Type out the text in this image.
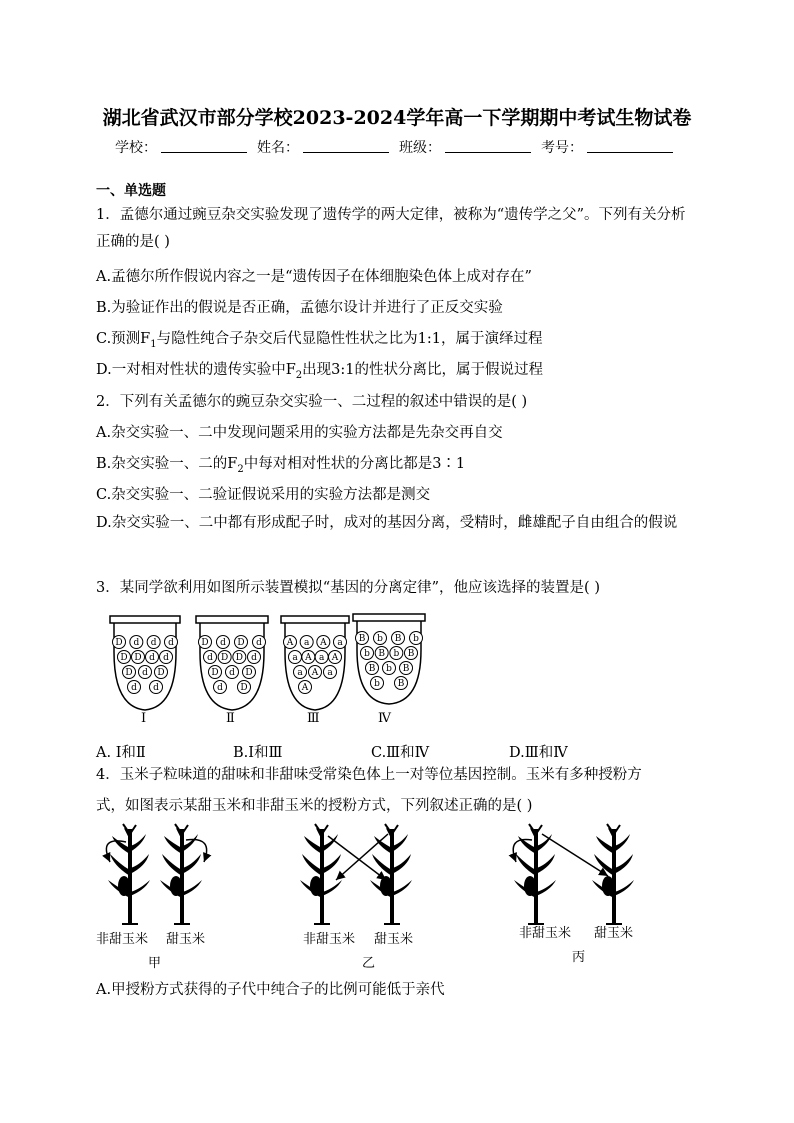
湖北省武汉市部分学校2023-2024学年高一下学期期中考试生物试卷
学校：	姓名：	班级：	考号：
一、单选题
1．孟德尔通过豌豆杂交实验发现了遗传学的两大定律，被称为“遗传学之父”。下列有关分析正确的是( )
A.孟德尔所作假说内容之一是“遗传因子在体细胞染色体上成对存在”
B.为验证作出的假说是否正确，孟德尔设计并进行了正反交实验
C.预测$F_1$与隐性纯合子杂交后代显隐性性状之比为1:1，属于演绎过程
D.一对相对性状的遗传实验中$F_2$出现3:1的性状分离比，属于假说过程
2．下列有关孟德尔的豌豆杂交实验一、二过程的叙述中错误的是( )
A.杂交实验一、二中发现问题采用的实验方法都是先杂交再自交
B.杂交实验一、二的$F_2$中每对相对性状的分离比都是3∶1
C.杂交实验一、二验证假说采用的实验方法都是测交
D.杂交实验一、二中都有形成配子时，成对的基因分离，受精时，雌雄配子自由组合的假说
3．某同学欲利用如图所示装置模拟“基因的分离定律”，他应该选择的装置是( )
D d d d
D D d d
D d D
d d
D d D d
d D D d
D d D
d D
A a A a
a A a A
a A a
A
B b B b
b B b B
B b B
b B
Ⅰ	Ⅱ	Ⅲ	Ⅳ
A. Ⅰ和Ⅱ	B.Ⅰ和Ⅲ	C.Ⅲ和Ⅳ	D.Ⅲ和Ⅳ
4．玉米子粒味道的甜味和非甜味受常染色体上一对等位基因控制。玉米有多种授粉方
式，如图表示某甜玉米和非甜玉米的授粉方式，下列叙述正确的是( )
非甜玉米 甜玉米
甲
非甜玉米 甜玉米
乙
非甜玉米 甜玉米
丙
A.甲授粉方式获得的子代中纯合子的比例可能低于亲代
